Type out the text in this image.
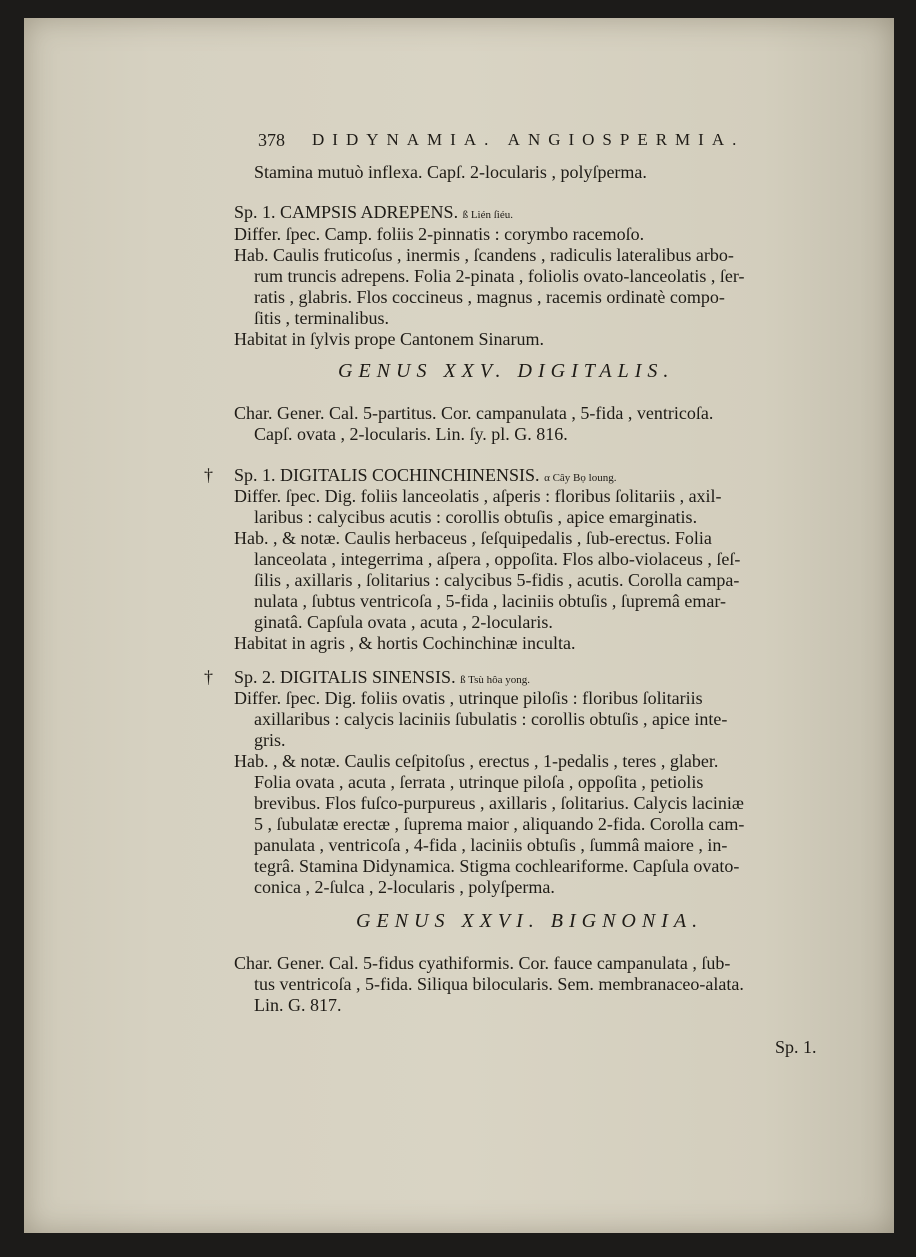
378 DIDYNAMIA. ANGIOSPERMIA.
Stamina mutuò inflexa. Capſ. 2-locularis , polyſperma.
Sp. 1. CAMPSIS ADREPENS. ß Lién ſiéu.
Differ. ſpec. Camp. foliis 2-pinnatis : corymbo racemoſo.
Hab. Caulis fruticoſus , inermis , ſcandens , radiculis lateralibus arbo-
rum truncis adrepens. Folia 2-pinata , foliolis ovato-lanceolatis , ſer-
ratis , glabris. Flos coccineus , magnus , racemis ordinatè compo-
ſitis , terminalibus.
Habitat in ſylvis prope Cantonem Sinarum.
GENUS XXV. DIGITALIS.
Char. Gener. Cal. 5-partitus. Cor. campanulata , 5-fida , ventricoſa.
Capſ. ovata , 2-locularis. Lin. ſy. pl. G. 816.
† Sp. 1. DIGITALIS COCHINCHINENSIS. α Cây Bọ loung.
Differ. ſpec. Dig. foliis lanceolatis , aſperis : floribus ſolitariis , axil-
laribus : calycibus acutis : corollis obtuſis , apice emarginatis.
Hab. , & notæ. Caulis herbaceus , ſeſquipedalis , ſub-erectus. Folia
lanceolata , integerrima , aſpera , oppoſita. Flos albo-violaceus , ſeſ-
ſilis , axillaris , ſolitarius : calycibus 5-fidis , acutis. Corolla campa-
nulata , ſubtus ventricoſa , 5-fida , laciniis obtuſis , ſupremâ emar-
ginatâ. Capſula ovata , acuta , 2-locularis.
Habitat in agris , & hortis Cochinchinæ inculta.
† Sp. 2. DIGITALIS SINENSIS. ß Tsù hôa yong.
Differ. ſpec. Dig. foliis ovatis , utrinque piloſis : floribus ſolitariis
axillaribus : calycis laciniis ſubulatis : corollis obtuſis , apice inte-
gris.
Hab. , & notæ. Caulis ceſpitoſus , erectus , 1-pedalis , teres , glaber.
Folia ovata , acuta , ſerrata , utrinque piloſa , oppoſita , petiolis
brevibus. Flos fuſco-purpureus , axillaris , ſolitarius. Calycis laciniæ
5 , ſubulatæ erectæ , ſuprema maior , aliquando 2-fida. Corolla cam-
panulata , ventricoſa , 4-fida , laciniis obtuſis , ſummâ maiore , in-
tegrâ. Stamina Didynamica. Stigma cochleariforme. Capſula ovato-
conica , 2-ſulca , 2-locularis , polyſperma.
GENUS XXVI. BIGNONIA.
Char. Gener. Cal. 5-fidus cyathiformis. Cor. fauce campanulata , ſub-
tus ventricoſa , 5-fida. Siliqua bilocularis. Sem. membranaceo-alata.
Lin. G. 817.
Sp. 1.
